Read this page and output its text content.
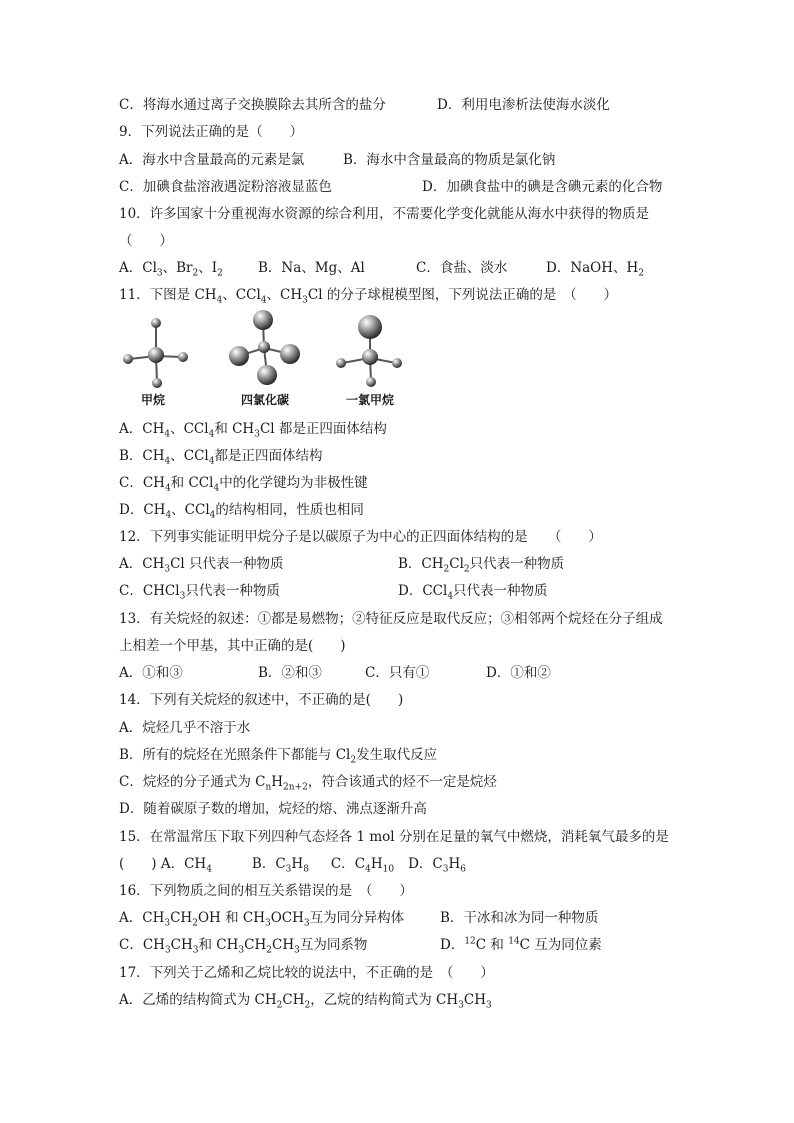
C．将海水通过离子交换膜除去其所含的盐分	D．利用电渗析法使海水淡化
9．下列说法正确的是（　　）
A．海水中含量最高的元素是氯	B．海水中含量最高的物质是氯化钠
C．加碘食盐溶液遇淀粉溶液显蓝色	D．加碘食盐中的碘是含碘元素的化合物
10．许多国家十分重视海水资源的综合利用，不需要化学变化就能从海水中获得的物质是
（　　）
A．$Cl_3$、$Br_2$、$I_2$	B．Na、Mg、Al	C．食盐、淡水	D．NaOH、$H_2$
11．下图是 $CH_4$、CCl$_4$、$CH_3Cl$ 的分子球棍模型图，下列说法正确的是　（　　）
甲烷	四氯化碳	一氯甲烷
A．$CH_4$、CCl$_4$和 $CH_3Cl$ 都是正四面体结构
B．$CH_4$、CCl$_4$都是正四面体结构
C．$CH_4$和 CCl$_4$中的化学键均为非极性键
D．$CH_4$、CCl$_4$的结构相同，性质也相同
12．下列事实能证明甲烷分子是以碳原子为中心的正四面体结构的是　　（　　）
A．$CH_3Cl$ 只代表一种物质	B．$CH_2Cl_2$只代表一种物质
C．CHCl$_3$只代表一种物质	D．CCl$_4$只代表一种物质
13．有关烷烃的叙述：①都是易燃物；②特征反应是取代反应；③相邻两个烷烃在分子组成
上相差一个甲基，其中正确的是(　　)
A．①和③	B．②和③	C．只有①	D．①和②
14．下列有关烷烃的叙述中，不正确的是(　　)
A．烷烃几乎不溶于水
B．所有的烷烃在光照条件下都能与 $Cl_2$发生取代反应
C．烷烃的分子通式为 $C_nH_{2n+2}$，符合该通式的烃不一定是烷烃
D．随着碳原子数的增加，烷烃的熔、沸点逐渐升高
15．在常温常压下取下列四种气态烃各 1 mol 分别在足量的氧气中燃烧，消耗氧气最多的是
(　　) A．$CH_4$	B．$C_3H_8$ C．$C_4H_{10}$ D．$C_3H_6$
16．下列物质之间的相互关系错误的是　（　　）
A．$CH_3CH_2OH$ 和 $CH_3OCH_3$互为同分异构体	B．干冰和冰为同一种物质
C．$CH_3CH_3$和 $CH_3CH_2CH_3$互为同系物	D．$^{12}$C 和 $^{14}$C 互为同位素
17．下列关于乙烯和乙烷比较的说法中，不正确的是　（　　）
A．乙烯的结构简式为 $CH_2CH_2$，乙烷的结构简式为 $CH_3CH_3$
